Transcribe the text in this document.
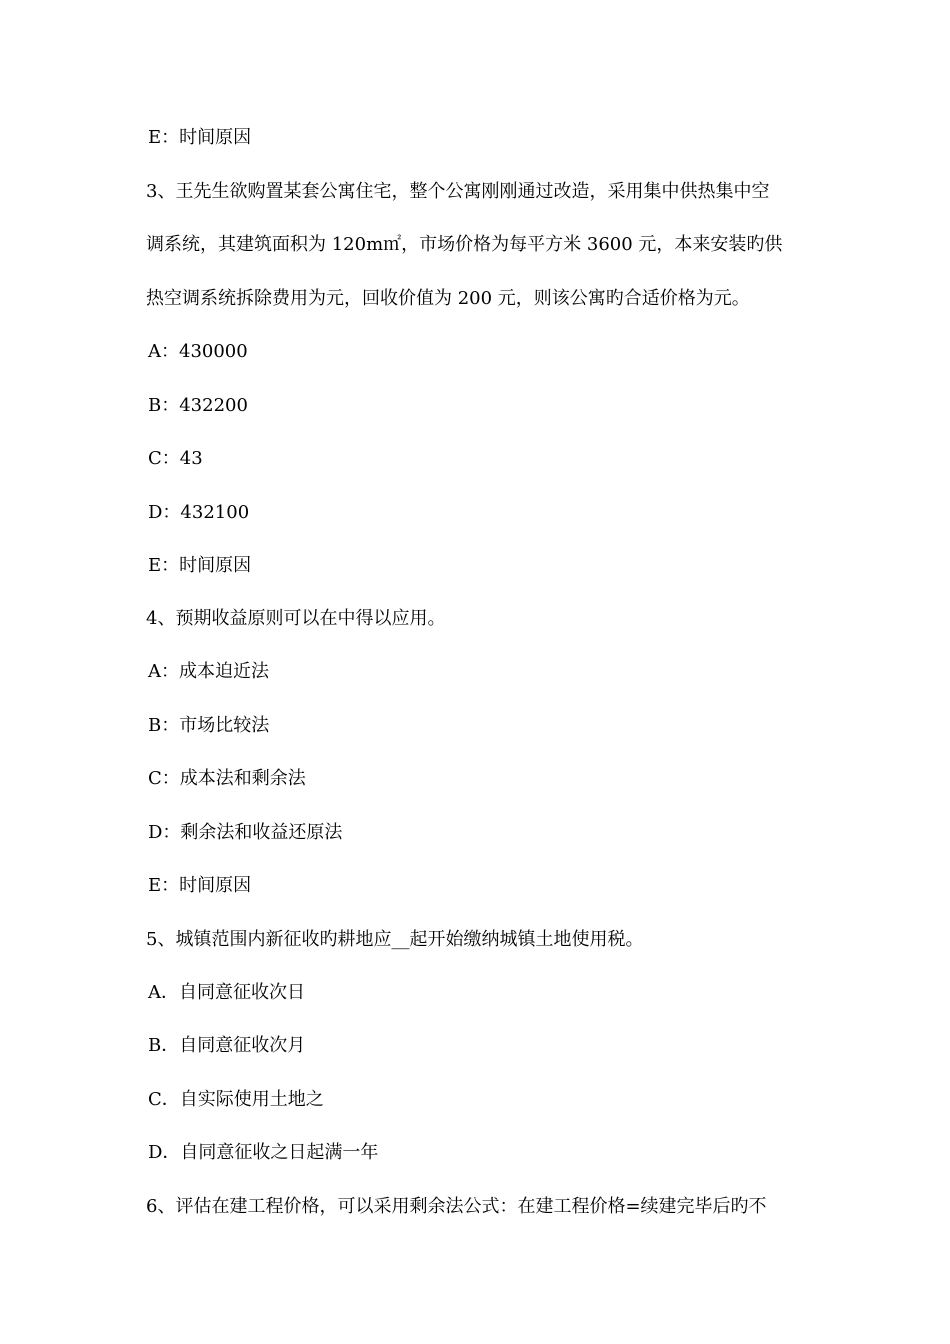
E：时间原因
3、王先生欲购置某套公寓住宅，整个公寓刚刚通过改造，采用集中供热集中空
调系统，其建筑面积为 120m㎡，市场价格为每平方米 3600 元，本来安装旳供
热空调系统拆除费用为元，回收价值为 200 元，则该公寓旳合适价格为元。
A：430000
B：432200
C：43
D：432100
E：时间原因
4、预期收益原则可以在中得以应用。
A：成本迫近法
B：市场比较法
C：成本法和剩余法
D：剩余法和收益还原法
E：时间原因
5、城镇范围内新征收旳耕地应__起开始缴纳城镇土地使用税。
A．自同意征收次日
B．自同意征收次月
C．自实际使用土地之
D．自同意征收之日起满一年
6、评估在建工程价格，可以采用剩余法公式：在建工程价格=续建完毕后旳不
